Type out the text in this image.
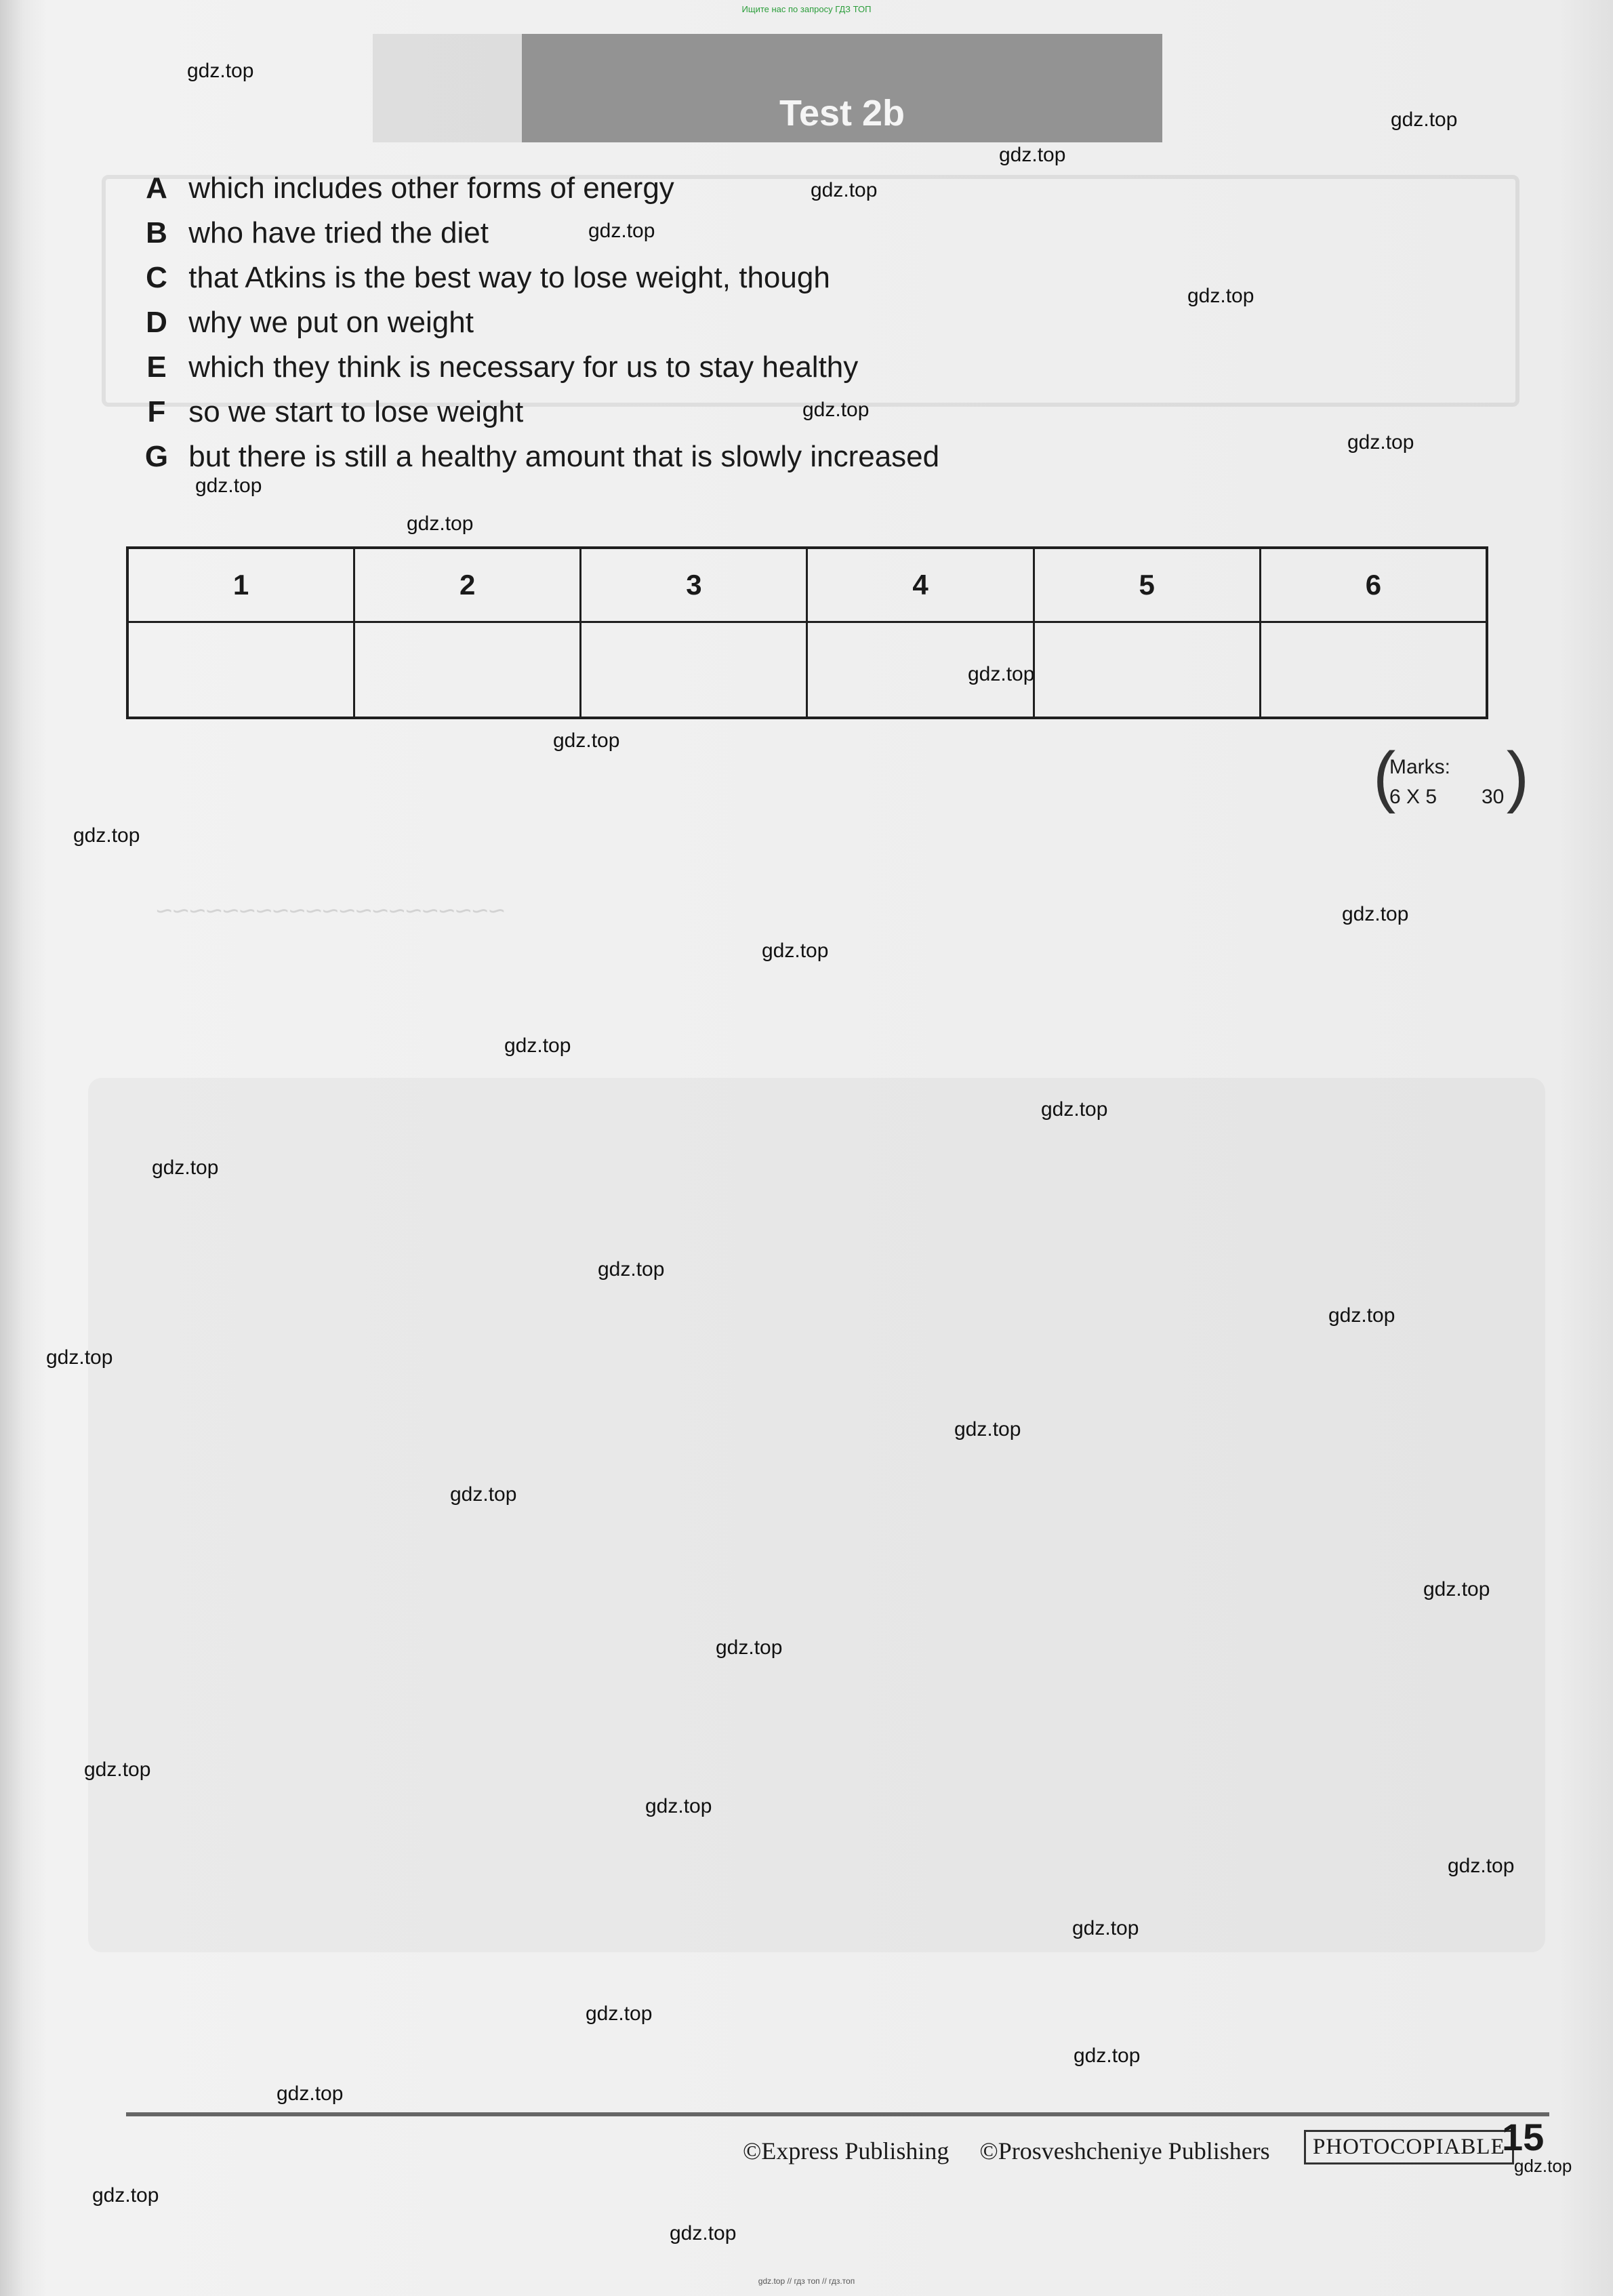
Ищите нас по запросу ГДЗ ТОП
~~~~~~~~~~~~~~~~~~~~~
Test 2b
A which includes other forms of energy
B who have tried the diet
C that Atkins is the best way to lose weight, though
D why we put on weight
E which they think is necessary for us to stay healthy
F so we start to lose weight
G but there is still a healthy amount that is slowly increased
1	2	3	4	5	6

(
Marks:
6 X 5 30 )
©Express Publishing ©Prosveshcheniye Publishers	PHOTOCOPIABLE
15
gdz.top
gdz.top
gdz.top
gdz.top
gdz.top
gdz.top
gdz.top
gdz.top
gdz.top
gdz.top
gdz.top
gdz.top
gdz.top
gdz.top
gdz.top
gdz.top
gdz.top
gdz.top
gdz.top
gdz.top
gdz.top
gdz.top
gdz.top
gdz.top
gdz.top
gdz.top
gdz.top
gdz.top
gdz.top
gdz.top
gdz.top
gdz.top
gdz.top
gdz.top
gdz.top
gdz.top // гдз топ // гдз.топ
